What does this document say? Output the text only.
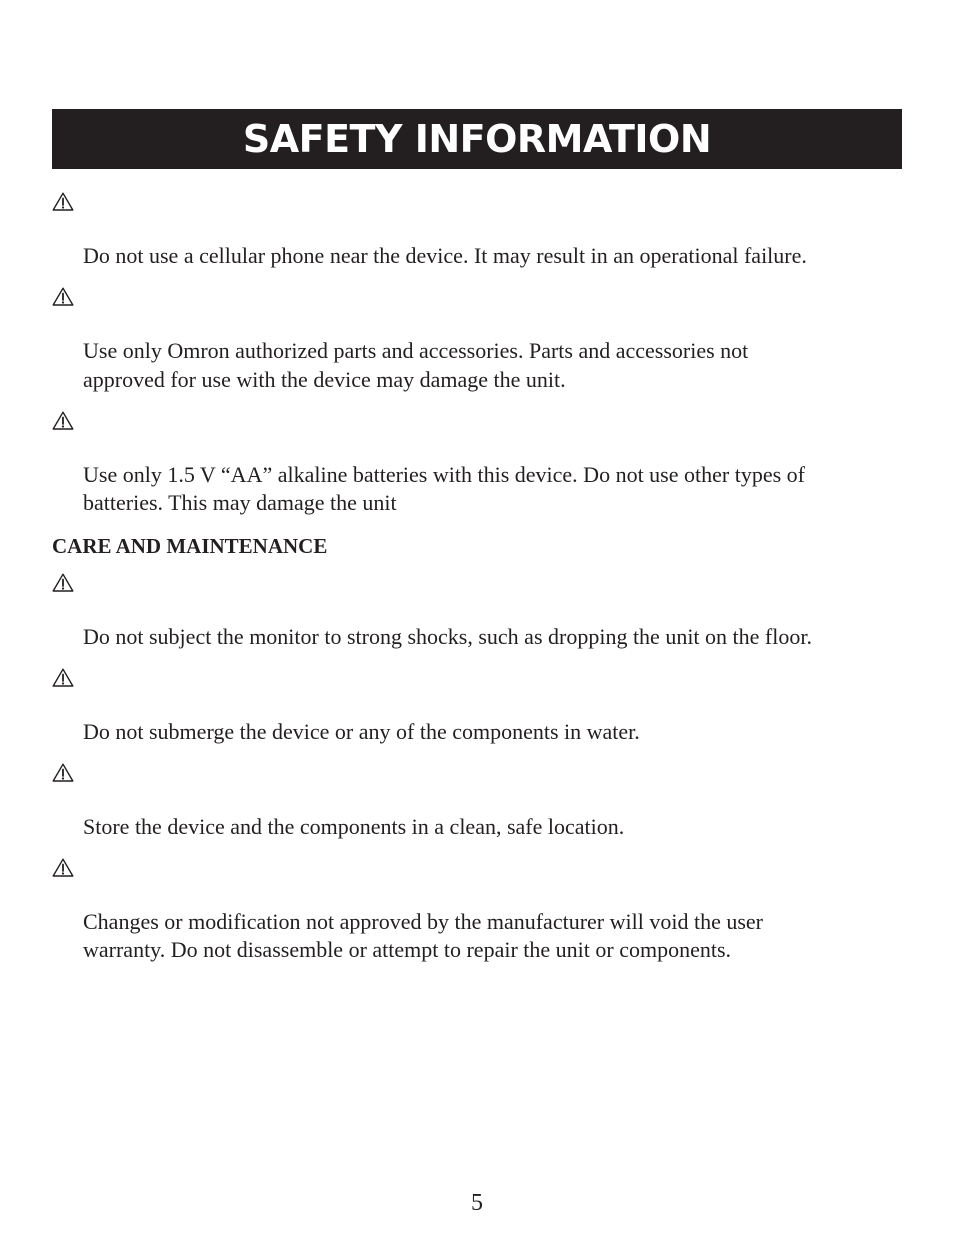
SAFETY INFORMATION

Do not use a cellular phone near the device. It may result in an operational failure.

Use only Omron authorized parts and accessories. Parts and accessories not
approved for use with the device may damage the unit.

Use only 1.5 V “AA” alkaline batteries with this device. Do not use other types of
batteries. This may damage the unit

CARE AND MAINTENANCE

Do not subject the monitor to strong shocks, such as dropping the unit on the floor.

Do not submerge the device or any of the components in water.

Store the device and the components in a clean, safe location.

Changes or modification not approved by the manufacturer will void the user
warranty. Do not disassemble or attempt to repair the unit or components.

5
